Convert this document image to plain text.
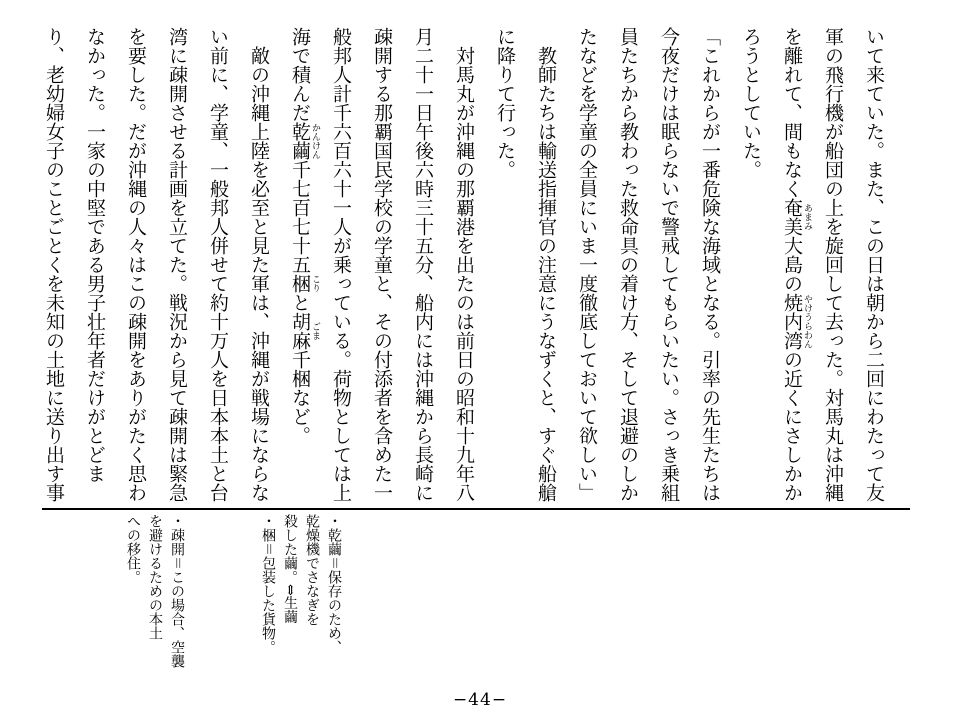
いて来ていた。また、この日は朝から二回にわたって友軍の飛行機が船団の上を旋回して去った。対馬丸は沖縄を離れて、間もなく奄美 あまみ大島の焼内湾 やけうらわんの近くにさしかかろうとしていた。

「これからが一番危険な海域となる。引率の先生たちは今夜だけは眠らないで警戒してもらいたい。さっき乗組員たちから教わった救命具の着け方、そして退避のしかたなどを学童の全員にいま一度徹底しておいて欲しい」

教師たちは輸送指揮官の注意にうなずくと、すぐ船艙に降りて行った。

対馬丸が沖縄の那覇港を出たのは前日の昭和十九年八月二十一日午後六時三十五分、船内には沖縄から長崎に疎開する那覇国民学校の学童と、その付添者を含めた一般邦人計千六百六十一人が乗っている。荷物としては上海で積んだ乾繭 かんけん千七百七十五梱 こりと胡麻 ごま千梱など。

敵の沖縄上陸を必至と見た軍は、沖縄が戦場にならない前に、学童、一般邦人併せて約十万人を日本本土と台湾に疎開させる計画を立てた。戦況から見て疎開は緊急を要した。だが沖縄の人々はこの疎開をありがたく思わなかった。一家の中堅である男子壮年者だけがとどまり、老幼婦女子のことごとくを未知の土地に送り出す事

・乾繭＝保存のため、
乾燥機でさなぎを
殺した繭。⇔生繭
・梱＝包装した貨物。
・疎開＝この場合、空襲
を避けるための本土
への移住。
−44−
